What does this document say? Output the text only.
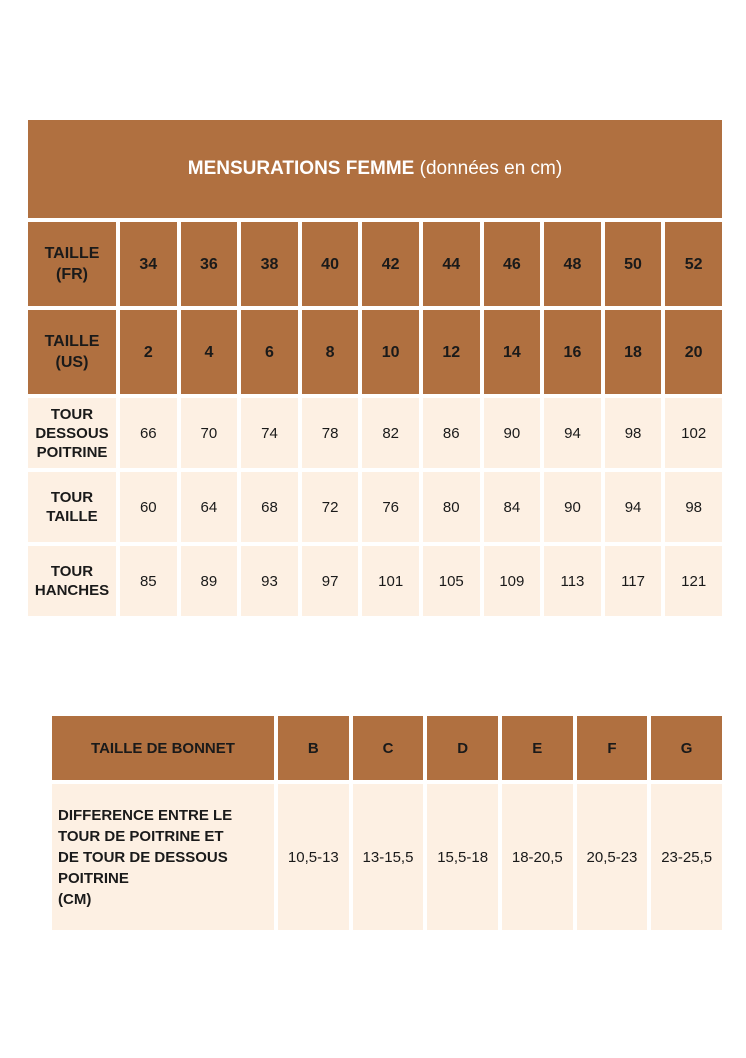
MENSURATIONS FEMME (données en cm)										
TAILLE
(FR)	34	36	38	40	42	44	46	48	50	52
TAILLE
(US)	2	4	6	8	10	12	14	16	18	20
TOUR
DESSOUS
POITRINE	66	70	74	78	82	86	90	94	98	102
TOUR
TAILLE	60	64	68	72	76	80	84	90	94	98
TOUR
HANCHES	85	89	93	97	101	105	109	113	117	121
TAILLE DE BONNET	B	C	D	E	F	G
DIFFERENCE ENTRE LE
TOUR DE POITRINE ET
DE TOUR DE DESSOUS
POITRINE
(CM)	10,5-13	13-15,5	15,5-18	18-20,5	20,5-23	23-25,5
